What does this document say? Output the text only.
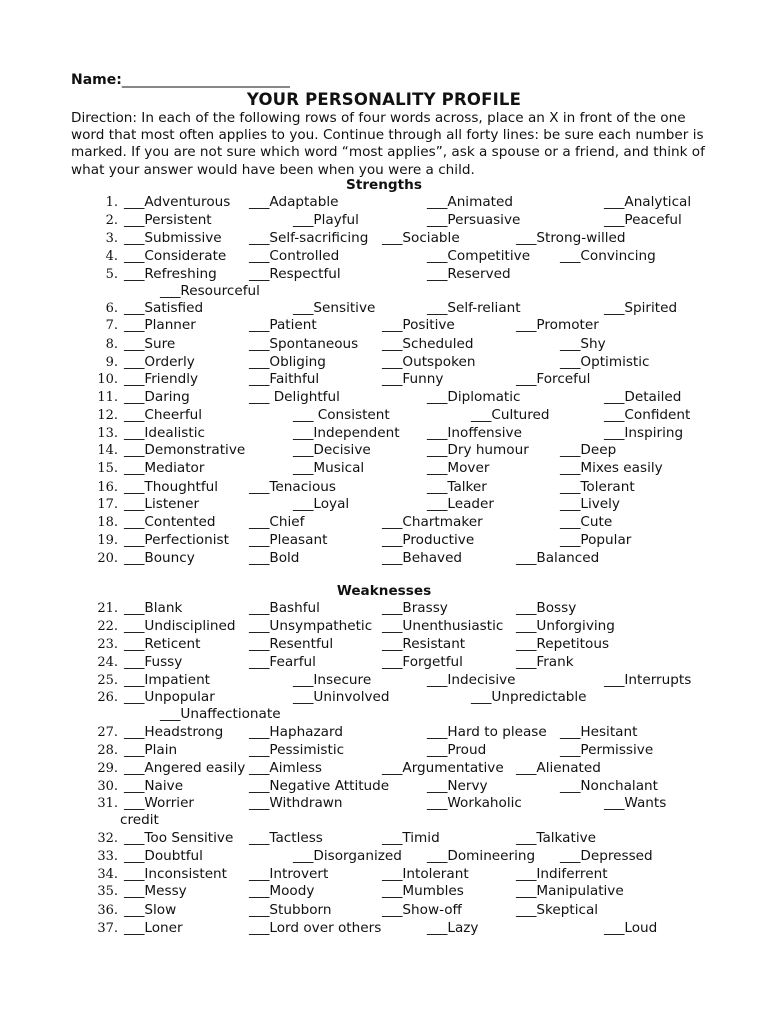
Name:________________________
YOUR PERSONALITY PROFILE
Direction: In each of the following rows of four words across, place an X in front of the one word that most often applies to you. Continue through all forty lines: be sure each number is marked. If you are not sure which word “most applies”, ask a spouse or a friend, and think of what your answer would have been when you were a child.
Strengths
1. ___Adventurous ___Adaptable	___Animated	___Analytical
2. ___Persistent	___Playful	___Persuasive	___Peaceful
3. ___Submissive ___Self-sacrificing ___Sociable	___Strong-willed
4. ___Considerate ___Controlled	___Competitive ___Convincing
5. ___Refreshing ___Respectful	___Reserved
___Resourceful
6. ___Satisfied	___Sensitive	___Self-reliant	___Spirited
7. ___Planner	___Patient	___Positive	___Promoter
8. ___Sure	___Spontaneous ___Scheduled	___Shy
9. ___Orderly	___Obliging	___Outspoken	___Optimistic
10. ___Friendly	___Faithful	___Funny	___Forceful
11. ___Daring	___ Delightful	___Diplomatic	___Detailed
12. ___Cheerful	___ Consistent	___Cultured	___Confident
13. ___Idealistic	___Independent ___Inoffensive	___Inspiring
14. ___Demonstrative	___Decisive	___Dry humour ___Deep
15. ___Mediator	___Musical	___Mover	___Mixes easily
16. ___Thoughtful ___Tenacious	___Talker	___Tolerant
17. ___Listener	___Loyal	___Leader	___Lively
18. ___Contented ___Chief	___Chartmaker	___Cute
19. ___Perfectionist ___Pleasant	___Productive	___Popular
20. ___Bouncy	___Bold	___Behaved	___Balanced
Weaknesses
21. ___Blank	___Bashful	___Brassy	___Bossy
22. ___Undisciplined ___Unsympathetic ___Unenthusiastic ___Unforgiving
23. ___Reticent	___Resentful	___Resistant	___Repetitous
24. ___Fussy	___Fearful	___Forgetful	___Frank
25. ___Impatient	___Insecure	___Indecisive	___Interrupts
26. ___Unpopular	___Uninvolved	___Unpredictable
___Unaffectionate
27. ___Headstrong ___Haphazard	___Hard to please ___Hesitant
28. ___Plain	___Pessimistic	___Proud	___Permissive
29. ___Angered easily ___Aimless	___Argumentative ___Alienated
30. ___Naive	___Negative Attitude	___Nervy	___Nonchalant
31. ___Worrier	___Withdrawn	___Workaholic	___Wants
credit
32. ___Too Sensitive ___Tactless	___Timid	___Talkative
33. ___Doubtful	___Disorganized ___Domineering ___Depressed
34. ___Inconsistent ___Introvert	___Intolerant	___Indiferrent
35. ___Messy	___Moody	___Mumbles	___Manipulative
36. ___Slow	___Stubborn	___Show-off	___Skeptical
37. ___Loner	___Lord over others	___Lazy	___Loud
